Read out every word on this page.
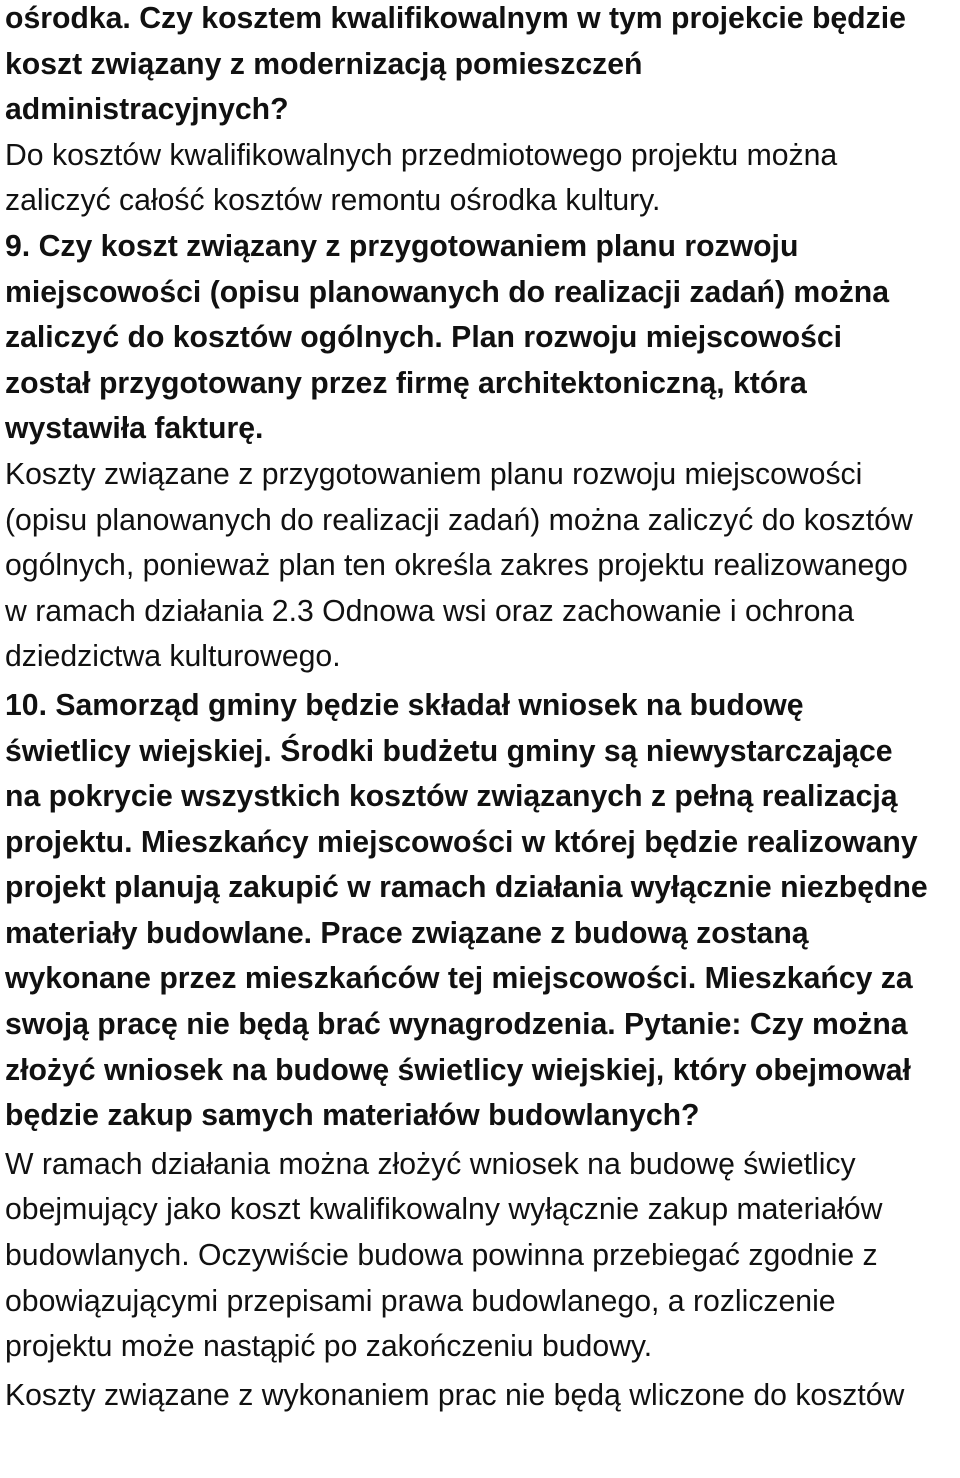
ośrodka. Czy kosztem kwalifikowalnym w tym projekcie będzie
koszt związany z modernizacją pomieszczeń
administracyjnych?

Do kosztów kwalifikowalnych przedmiotowego projektu można
zaliczyć całość kosztów remontu ośrodka kultury.

9. Czy koszt związany z przygotowaniem planu rozwoju
miejscowości (opisu planowanych do realizacji zadań) można
zaliczyć do kosztów ogólnych. Plan rozwoju miejscowości
został przygotowany przez firmę architektoniczną, która
wystawiła fakturę.

Koszty związane z przygotowaniem planu rozwoju miejscowości
(opisu planowanych do realizacji zadań) można zaliczyć do kosztów
ogólnych, ponieważ plan ten określa zakres projektu realizowanego
w ramach działania 2.3 Odnowa wsi oraz zachowanie i ochrona
dziedzictwa kulturowego.

10. Samorząd gminy będzie składał wniosek na budowę
świetlicy wiejskiej. Środki budżetu gminy są niewystarczające
na pokrycie wszystkich kosztów związanych z pełną realizacją
projektu. Mieszkańcy miejscowości w której będzie realizowany
projekt planują zakupić w ramach działania wyłącznie niezbędne
materiały budowlane. Prace związane z budową zostaną
wykonane przez mieszkańców tej miejscowości. Mieszkańcy za
swoją pracę nie będą brać wynagrodzenia. Pytanie: Czy można
złożyć wniosek na budowę świetlicy wiejskiej, który obejmował
będzie zakup samych materiałów budowlanych?

W ramach działania można złożyć wniosek na budowę świetlicy
obejmujący jako koszt kwalifikowalny wyłącznie zakup materiałów
budowlanych. Oczywiście budowa powinna przebiegać zgodnie z
obowiązującymi przepisami prawa budowlanego, a rozliczenie
projektu może nastąpić po zakończeniu budowy.

Koszty związane z wykonaniem prac nie będą wliczone do kosztów
